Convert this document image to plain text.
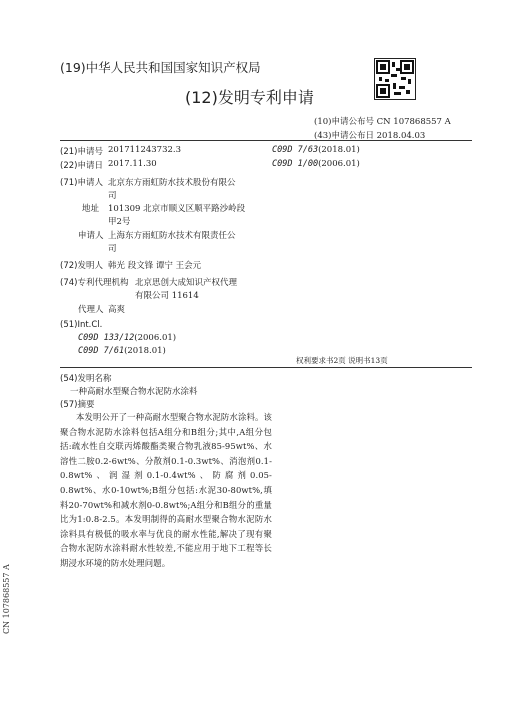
(19)中华人民共和国国家知识产权局
(12)发明专利申请
(10)申请公布号 CN 107868557 A
(43)申请公布日 2018.04.03
(21)申请号 201711243732.3
(22)申请日 2017.11.30
(71)申请人 北京东方雨虹防水技术股份有限公
司
地址 101309 北京市顺义区顺平路沙岭段
甲2号
申请人 上海东方雨虹防水技术有限责任公
司
(72)发明人 韩光 段文锋 谭宁 王会元
(74)专利代理机构 北京思创大成知识产权代理
有限公司 11614
代理人 高爽
(51)Int.Cl.
C09D 133/12(2006.01)
C09D 7/61(2018.01)
C09D 7/63(2018.01)
C09D 1/00(2006.01)
权利要求书2页 说明书13页
(54)发明名称
一种高耐水型聚合物水泥防水涂料
(57)摘要
本发明公开了一种高耐水型聚合物水泥防水涂料。该聚合物水泥防水涂料包括A组分和B组分;其中,A组分包括:疏水性自交联丙烯酸酯类聚合物乳液85-95wt%、水溶性二胺0.2-6wt%、分散剂0.1-0.3wt%、消泡剂0.1-0.8wt%、润湿剂0.1-0.4wt%、防腐剂0.05-0.8wt%、水0-10wt%;B组分包括:水泥30-80wt%,填料20-70wt%和减水剂0-0.8wt%;A组分和B组分的重量比为1:0.8-2.5。本发明制得的高耐水型聚合物水泥防水涂料具有极低的吸水率与优良的耐水性能,解决了现有聚合物水泥防水涂料耐水性较差,不能应用于地下工程等长期浸水环境的防水处理问题。
CN 107868557 A
